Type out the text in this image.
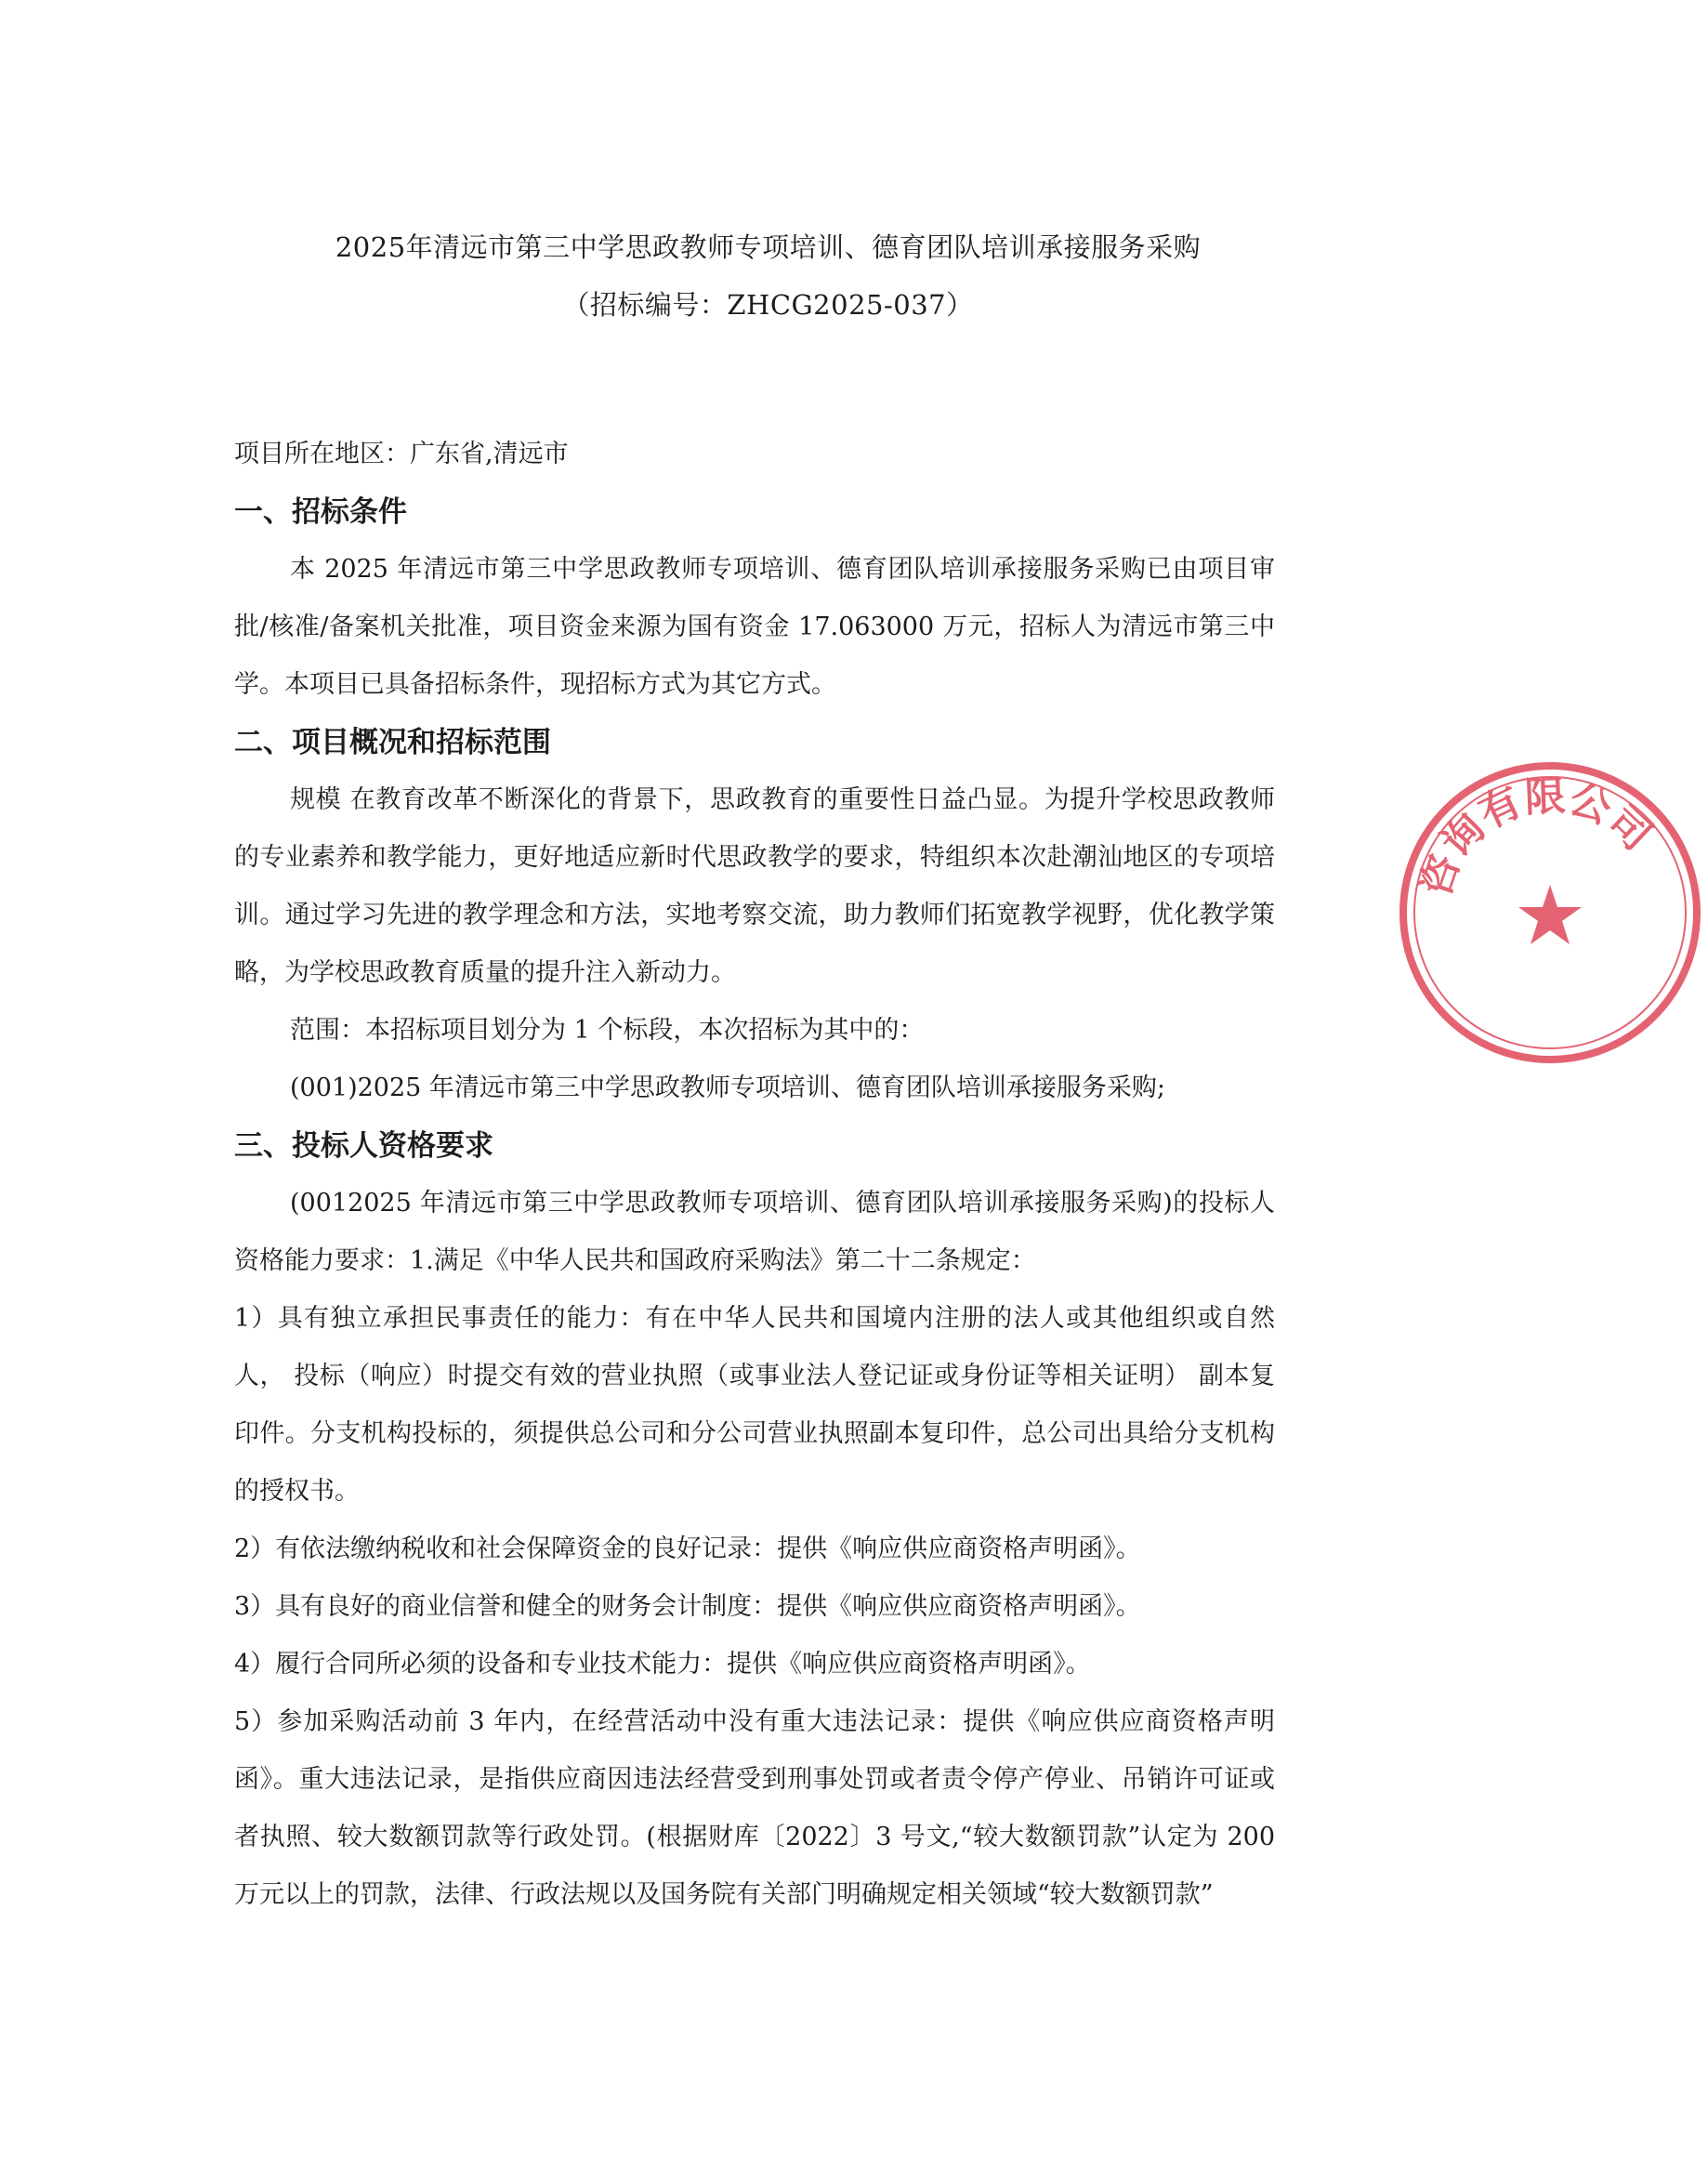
2025年清远市第三中学思政教师专项培训、德育团队培训承接服务采购
（招标编号：ZHCG2025-037）

项目所在地区：广东省,清远市

一、招标条件

本 2025 年清远市第三中学思政教师专项培训、德育团队培训承接服务采购已由项目审批/核准/备案机关批准，项目资金来源为国有资金 17.063000 万元，招标人为清远市第三中学。本项目已具备招标条件，现招标方式为其它方式。

二、项目概况和招标范围

规模 在教育改革不断深化的背景下，思政教育的重要性日益凸显。为提升学校思政教师的专业素养和教学能力，更好地适应新时代思政教学的要求，特组织本次赴潮汕地区的专项培训。通过学习先进的教学理念和方法，实地考察交流，助力教师们拓宽教学视野，优化教学策略，为学校思政教育质量的提升注入新动力。

范围：本招标项目划分为 1 个标段，本次招标为其中的：

(001)2025 年清远市第三中学思政教师专项培训、德育团队培训承接服务采购;

三、投标人资格要求

(0012025 年清远市第三中学思政教师专项培训、德育团队培训承接服务采购)的投标人资格能力要求：1.满足《中华人民共和国政府采购法》第二十二条规定：

1）具有独立承担民事责任的能力：有在中华人民共和国境内注册的法人或其他组织或自然人， 投标（响应）时提交有效的营业执照（或事业法人登记证或身份证等相关证明） 副本复印件。分支机构投标的，须提供总公司和分公司营业执照副本复印件，总公司出具给分支机构的授权书。

2）有依法缴纳税收和社会保障资金的良好记录：提供《响应供应商资格声明函》。

3）具有良好的商业信誉和健全的财务会计制度：提供《响应供应商资格声明函》。

4）履行合同所必须的设备和专业技术能力：提供《响应供应商资格声明函》。

5）参加采购活动前 3 年内，在经营活动中没有重大违法记录：提供《响应供应商资格声明函》。重大违法记录，是指供应商因违法经营受到刑事处罚或者责令停产停业、吊销许可证或者执照、较大数额罚款等行政处罚。(根据财库〔2022〕3 号文,“较大数额罚款”认定为 200 万元以上的罚款，法律、行政法规以及国务院有关部门明确规定相关领域“较大数额罚款”

咨询有限公司
